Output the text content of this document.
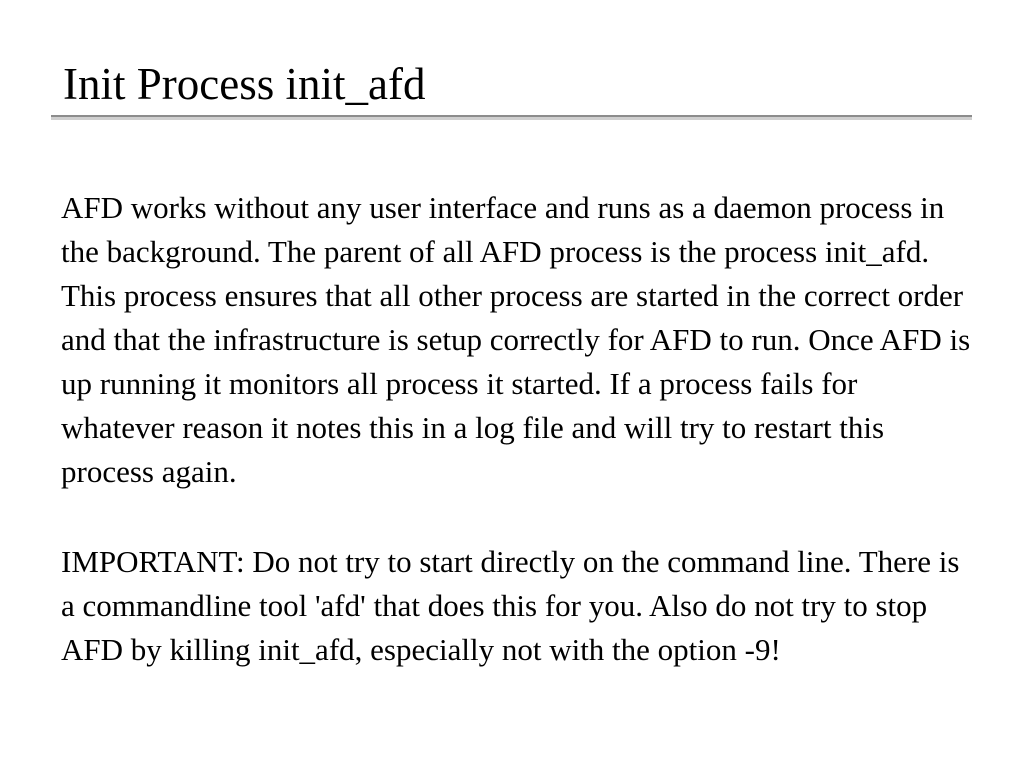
Init Process init_afd

AFD works without any user interface and runs as a daemon process in the background. The parent of all AFD process is the process init_afd. This process ensures that all other process are started in the correct order and that the infrastructure is setup correctly for AFD to run. Once AFD is up running it monitors all process it started. If a process fails for whatever reason it notes this in a log file and will try to restart this process again.

IMPORTANT: Do not try to start directly on the command line. There is a commandline tool 'afd' that does this for you. Also do not try to stop AFD by killing init_afd, especially not with the option -9!
